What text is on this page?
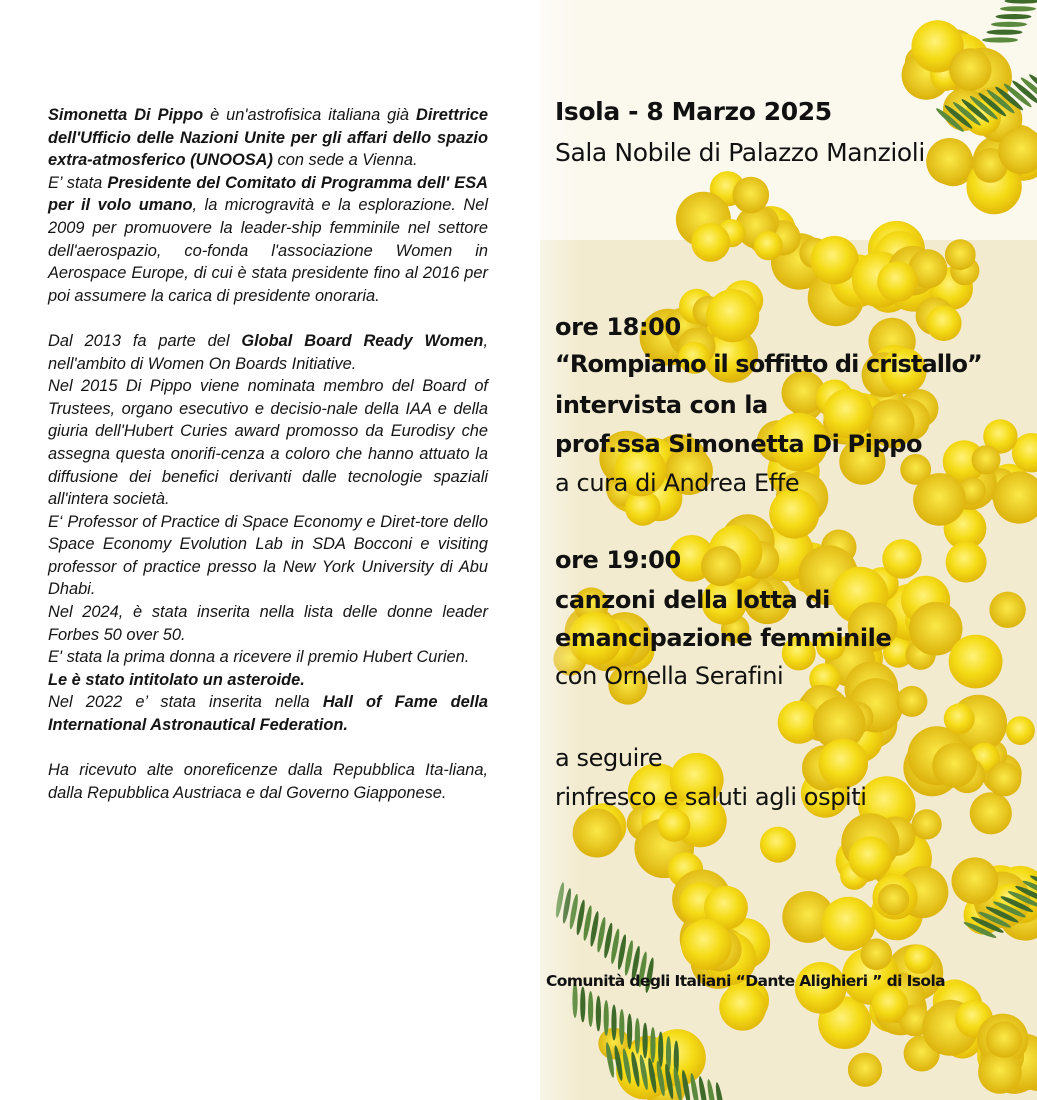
Simonetta Di Pippo è un'astrofisica italiana già Direttrice dell'Ufficio delle Nazioni Unite per gli affari dello spazio extra-atmosferico (UNOOSA) con sede a Vienna.

E’ stata Presidente del Comitato di Programma dell' ESA per il volo umano, la microgravità e la esplorazione. Nel 2009 per promuovere la leader-ship femminile nel settore dell'aerospazio, co-fonda l'associazione Women in Aerospace Europe, di cui è stata presidente fino al 2016 per poi assumere la carica di presidente onoraria.

Dal 2013 fa parte del Global Board Ready Women, nell'ambito di Women On Boards Initiative.

Nel 2015 Di Pippo viene nominata membro del Board of Trustees, organo esecutivo e decisio-nale della IAA e della giuria dell'Hubert Curies award promosso da Eurodisy che assegna questa onorifi-cenza a coloro che hanno attuato la diffusione dei benefici derivanti dalle tecnologie spaziali all'intera società.

E‘ Professor of Practice di Space Economy e Diret-tore dello Space Economy Evolution Lab in SDA Bocconi e visiting professor of practice presso la New York University di Abu Dhabi.

Nel 2024, è stata inserita nella lista delle donne leader Forbes 50 over 50.

E' stata la prima donna a ricevere il premio Hubert Curien.

Le è stato intitolato un asteroide.

Nel 2022 e’ stata inserita nella Hall of Fame della International Astronautical Federation.

Ha ricevuto alte onoreficenze dalla Repubblica Ita-liana, dalla Repubblica Austriaca e dal Governo Giapponese.

Isola - 8 Marzo 2025
Sala Nobile di Palazzo Manzioli
ore 18:00
“Rompiamo il soffitto di cristallo”
intervista con la
prof.ssa Simonetta Di Pippo
a cura di Andrea Effe
ore 19:00
canzoni della lotta di
emancipazione femminile
con Ornella Serafini
a seguire
rinfresco e saluti agli ospiti
Comunità degli Italiani “Dante Alighieri ” di Isola
